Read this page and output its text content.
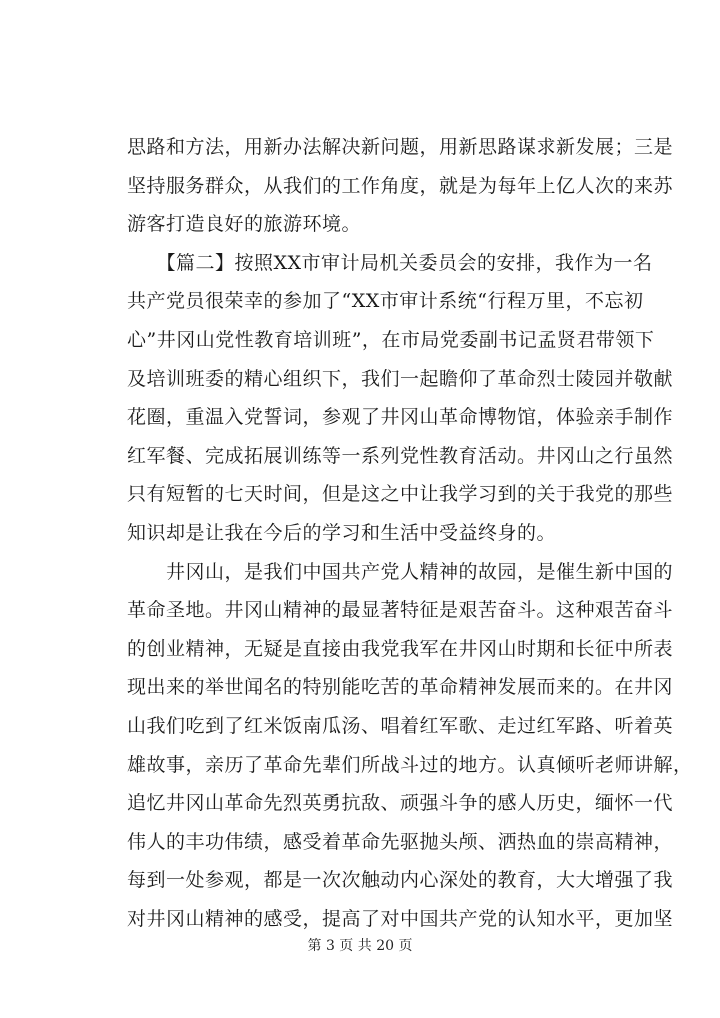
思路和方法，用新办法解决新问题，用新思路谋求新发展；三是
坚持服务群众，从我们的工作角度，就是为每年上亿人次的来苏
游客打造良好的旅游环境。
　　【篇二】按照XX市审计局机关委员会的安排，我作为一名
共产党员很荣幸的参加了“XX市审计系统“行程万里，不忘初
心”井冈山党性教育培训班”，在市局党委副书记孟贤君带领下
及培训班委的精心组织下，我们一起瞻仰了革命烈士陵园并敬献
花圈，重温入党誓词，参观了井冈山革命博物馆，体验亲手制作
红军餐、完成拓展训练等一系列党性教育活动。井冈山之行虽然
只有短暂的七天时间，但是这之中让我学习到的关于我党的那些
知识却是让我在今后的学习和生活中受益终身的。
　　井冈山，是我们中国共产党人精神的故园，是催生新中国的
革命圣地。井冈山精神的最显著特征是艰苦奋斗。这种艰苦奋斗
的创业精神，无疑是直接由我党我军在井冈山时期和长征中所表
现出来的举世闻名的特别能吃苦的革命精神发展而来的。在井冈
山我们吃到了红米饭南瓜汤、唱着红军歌、走过红军路、听着英
雄故事，亲历了革命先辈们所战斗过的地方。认真倾听老师讲解，
追忆井冈山革命先烈英勇抗敌、顽强斗争的感人历史，缅怀一代
伟人的丰功伟绩，感受着革命先驱抛头颅、洒热血的崇高精神，
每到一处参观，都是一次次触动内心深处的教育，大大增强了我
对井冈山精神的感受，提高了对中国共产党的认知水平，更加坚
第 3 页 共 20 页
